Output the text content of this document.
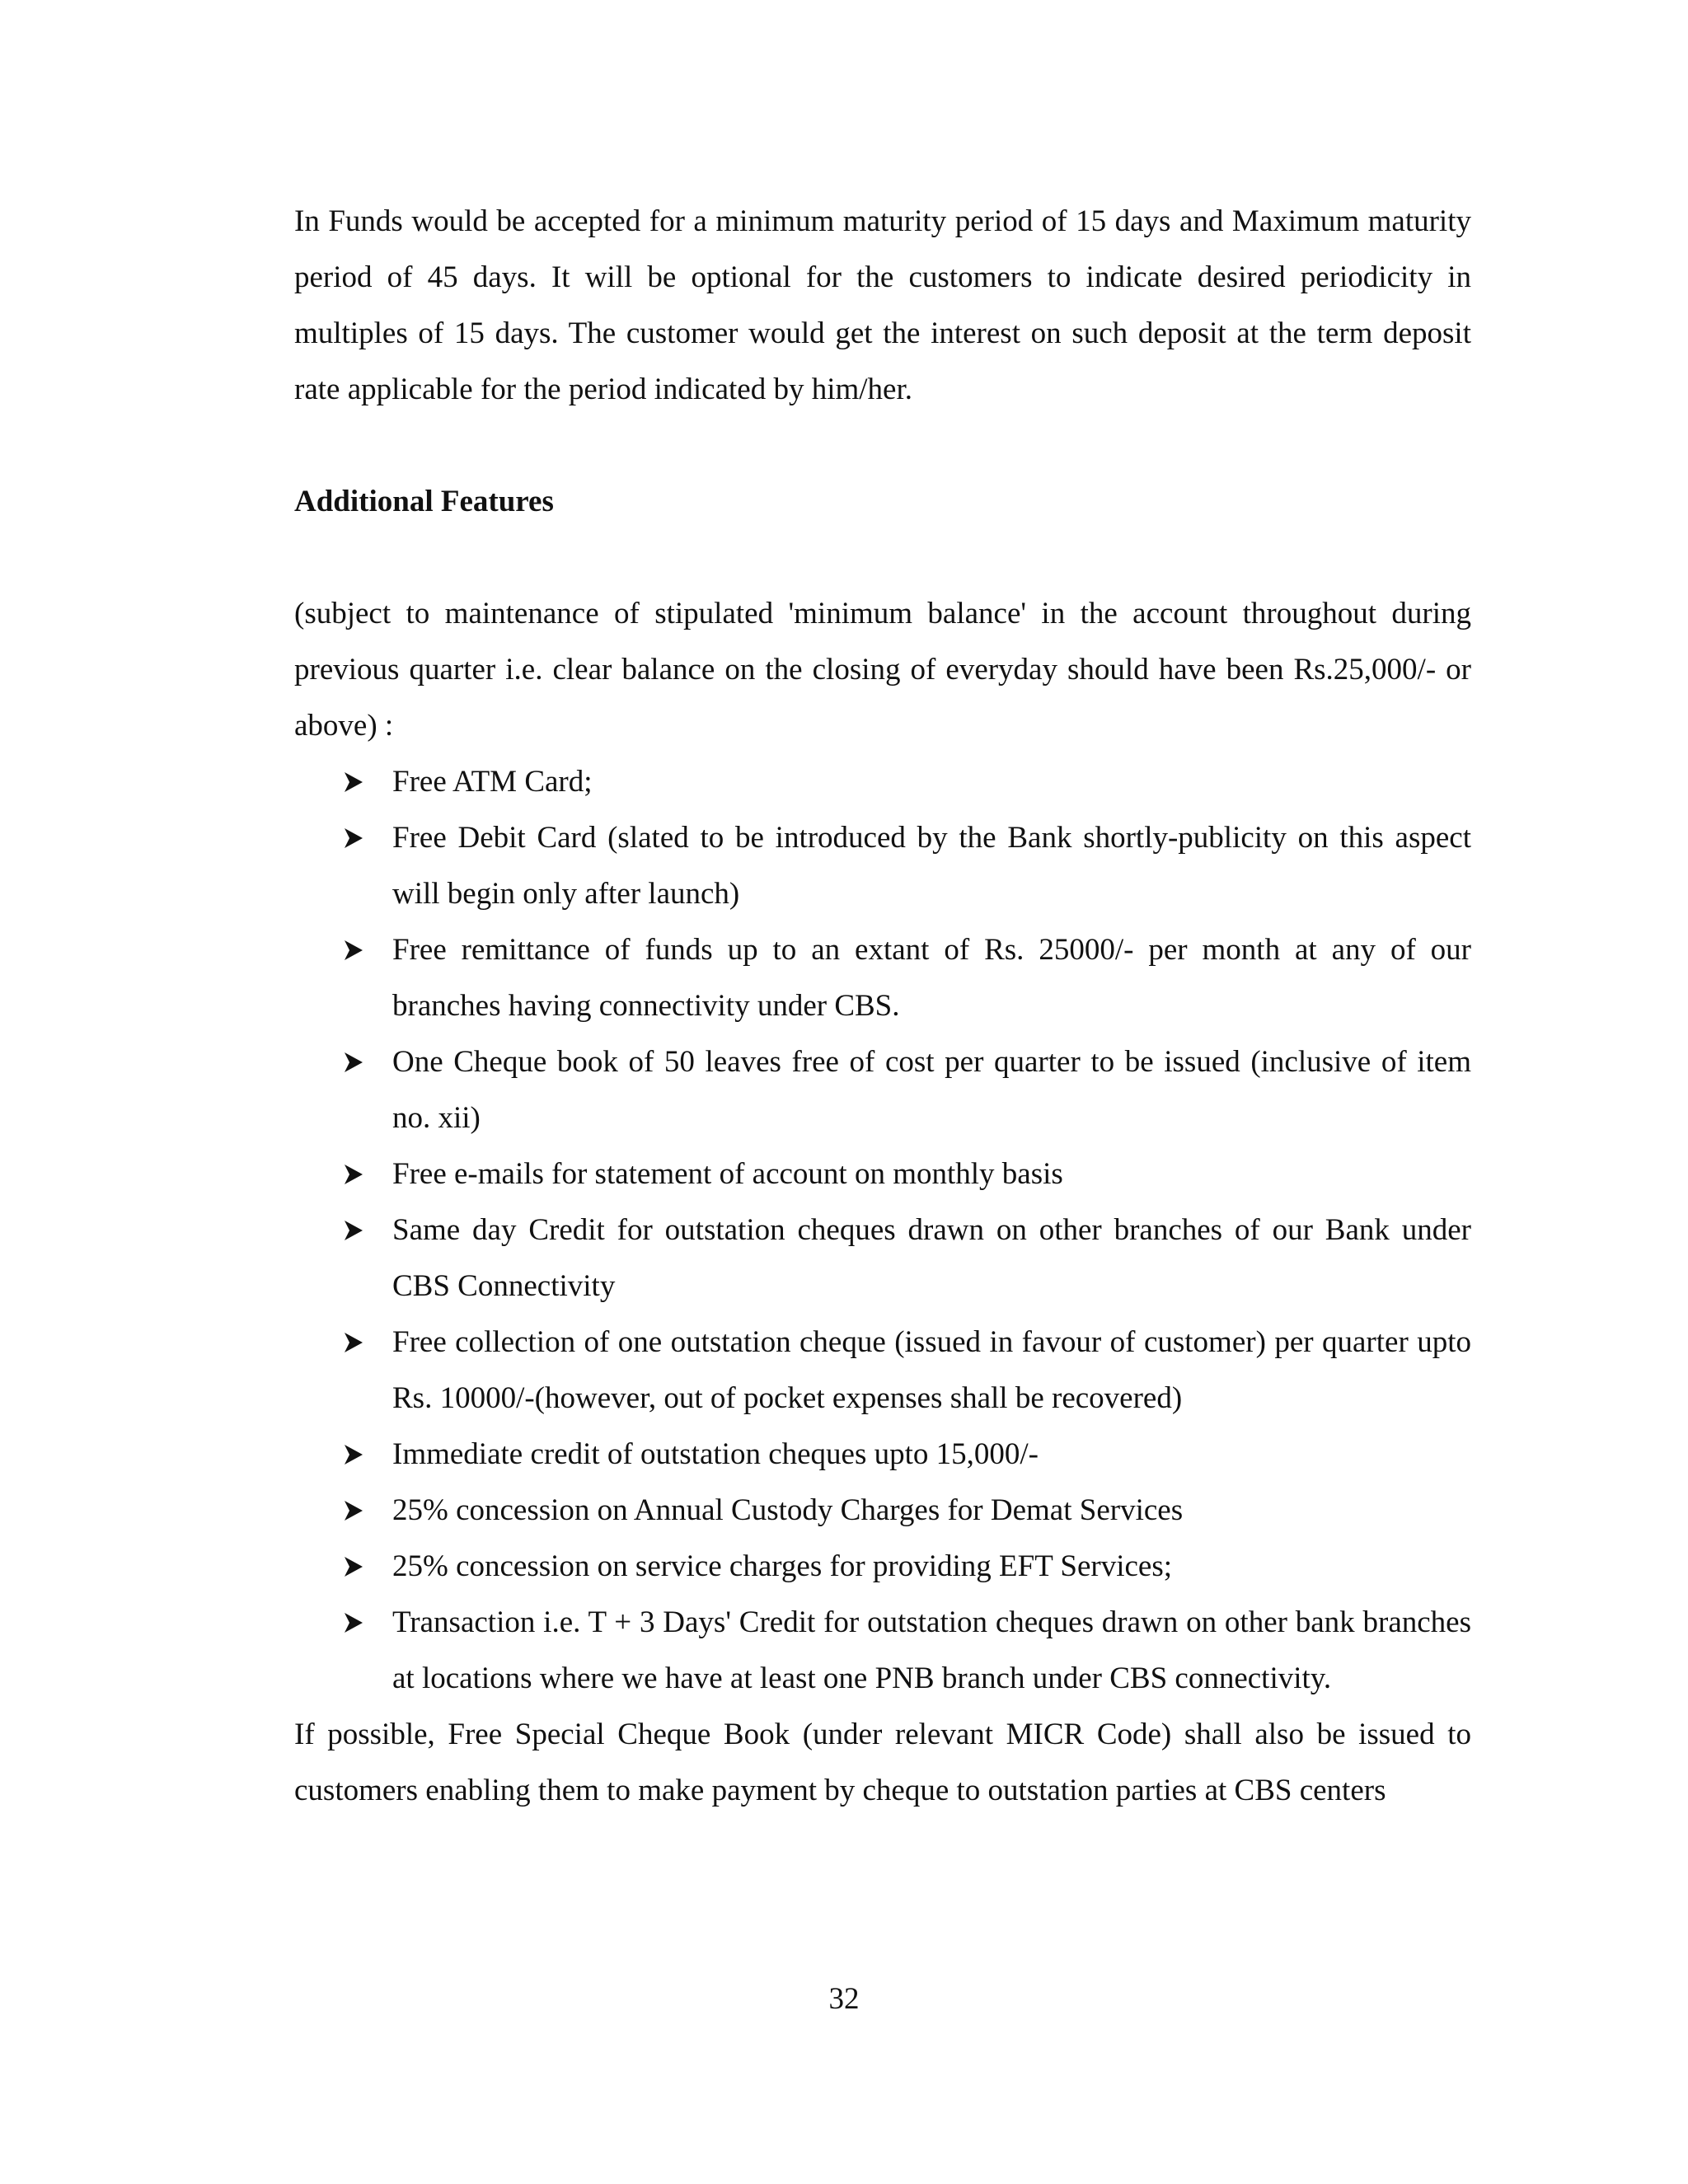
In Funds would be accepted for a minimum maturity period of 15 days and Maximum maturity period of 45 days. It will be optional for the customers to indicate desired periodicity in multiples of 15 days. The customer would get the interest on such deposit at the term deposit rate applicable for the period indicated by him/her.

Additional Features

(subject to maintenance of stipulated 'minimum balance' in the account throughout during previous quarter i.e. clear balance on the closing of everyday should have been Rs.25,000/- or above) :

Free ATM Card;
Free Debit Card (slated to be introduced by the Bank shortly-publicity on this aspect will begin only after launch)
Free remittance of funds up to an extant of Rs. 25000/- per month at any of our branches having connectivity under CBS.
One Cheque book of 50 leaves free of cost per quarter to be issued (inclusive of item no. xii)
Free e-mails for statement of account on monthly basis
Same day Credit for outstation cheques drawn on other branches of our Bank under CBS Connectivity
Free collection of one outstation cheque (issued in favour of customer) per quarter upto Rs. 10000/-(however, out of pocket expenses shall be recovered)
Immediate credit of outstation cheques upto 15,000/-
25% concession on Annual Custody Charges for Demat Services
25% concession on service charges for providing EFT Services;
Transaction i.e. T + 3 Days' Credit for outstation cheques drawn on other bank branches at locations where we have at least one PNB branch under CBS connectivity.

If possible, Free Special Cheque Book (under relevant MICR Code) shall also be issued to customers enabling them to make payment by cheque to outstation parties at CBS centers

32
